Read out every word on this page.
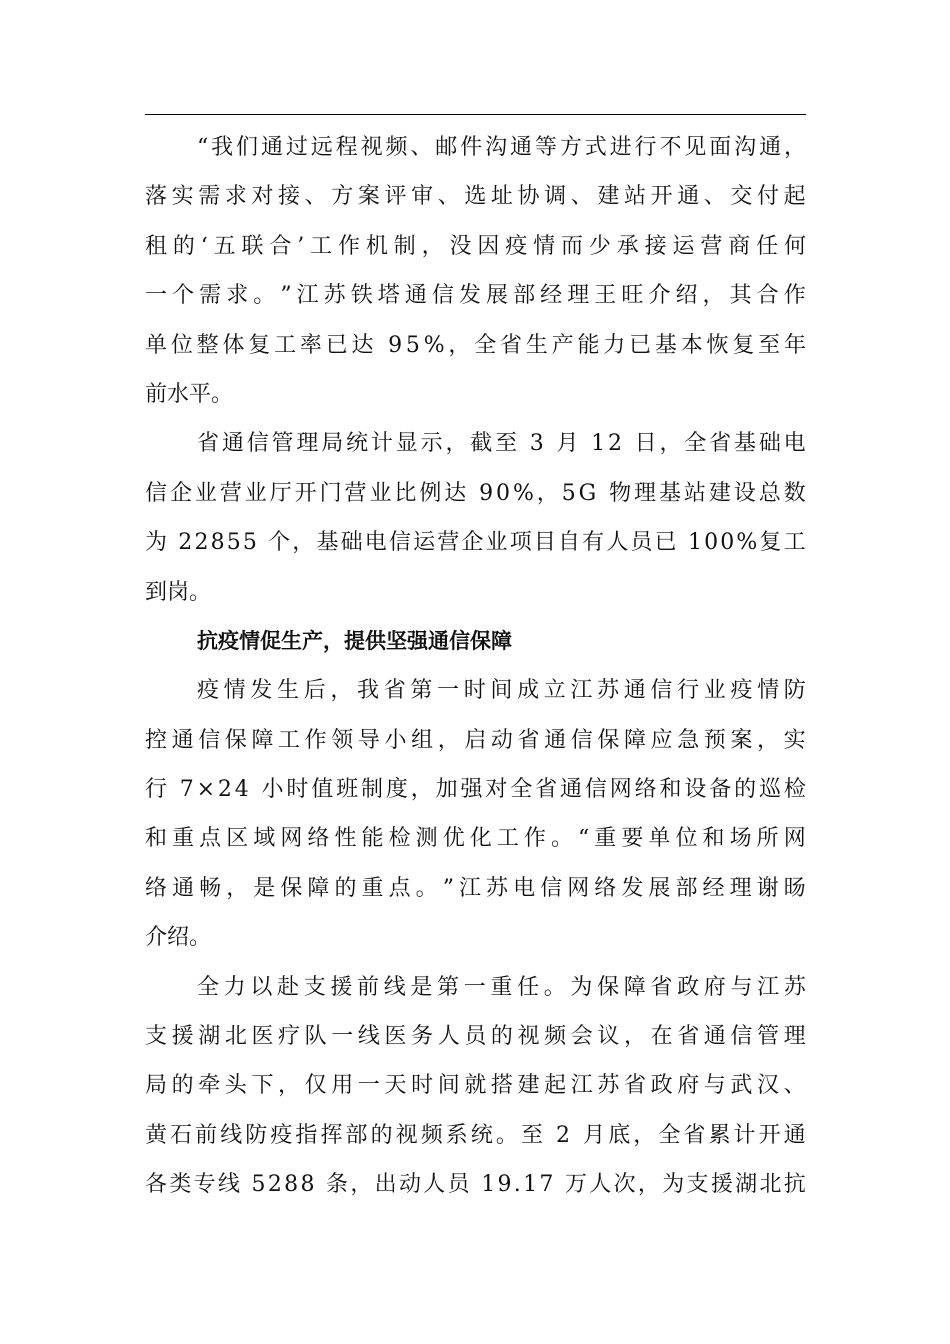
“ 我 们 通 过 远 程 视 频 、 邮 件 沟 通 等 方 式 进 行 不 见 面 沟 通 ，
落 实 需 求 对 接 、 方 案 评 审 、 选 址 协 调 、 建 站 开 通 、 交 付 起
租 的 ‘ 五 联 合 ’ 工 作 机 制 ， 没 因 疫 情 而 少 承 接 运 营 商 任 何
一 个 需 求 。 ” 江 苏 铁 塔 通 信 发 展 部 经 理 王 旺 介 绍 ， 其 合 作
单 位 整 体 复 工 率 已 达
9 5 % ， 全 省 生 产 能 力 已 基 本 恢 复 至 年
前水平。
省 通 信 管 理 局 统 计 显 示 ， 截 至
3
月
1 2
日 ， 全 省 基 础 电
信 企 业 营 业 厅 开 门 营 业 比 例 达
9 0 % ， 5 G
物 理 基 站 建 设 总 数
为
2 2 8 5 5
个 ， 基 础 电 信 运 营 企 业 项 目 自 有 人 员 已
1 0 0 % 复 工
到岗。
抗疫情促生产，提供坚强通信保障
疫 情 发 生 后 ， 我 省 第 一 时 间 成 立 江 苏 通 信 行 业 疫 情 防
控 通 信 保 障 工 作 领 导 小 组 ， 启 动 省 通 信 保 障 应 急 预 案 ， 实
行
7 × 2 4
小 时 值 班 制 度 ， 加 强 对 全 省 通 信 网 络 和 设 备 的 巡 检
和 重 点 区 域 网 络 性 能 检 测 优 化 工 作 。 “ 重 要 单 位 和 场 所 网
络 通 畅 ， 是 保 障 的 重 点 。 ” 江 苏 电 信 网 络 发 展 部 经 理 谢 旸
介绍。
全 力 以 赴 支 援 前 线 是 第 一 重 任 。 为 保 障 省 政 府 与 江 苏
支 援 湖 北 医 疗 队 一 线 医 务 人 员 的 视 频 会 议 ， 在 省 通 信 管 理
局 的 牵 头 下 ， 仅 用 一 天 时 间 就 搭 建 起 江 苏 省 政 府 与 武 汉 、
黄 石 前 线 防 疫 指 挥 部 的 视 频 系 统 。 至
2
月 底 ， 全 省 累 计 开 通
各 类 专 线
5 2 8 8
条 ， 出 动 人 员
1 9 . 1 7
万 人 次 ， 为 支 援 湖 北 抗
